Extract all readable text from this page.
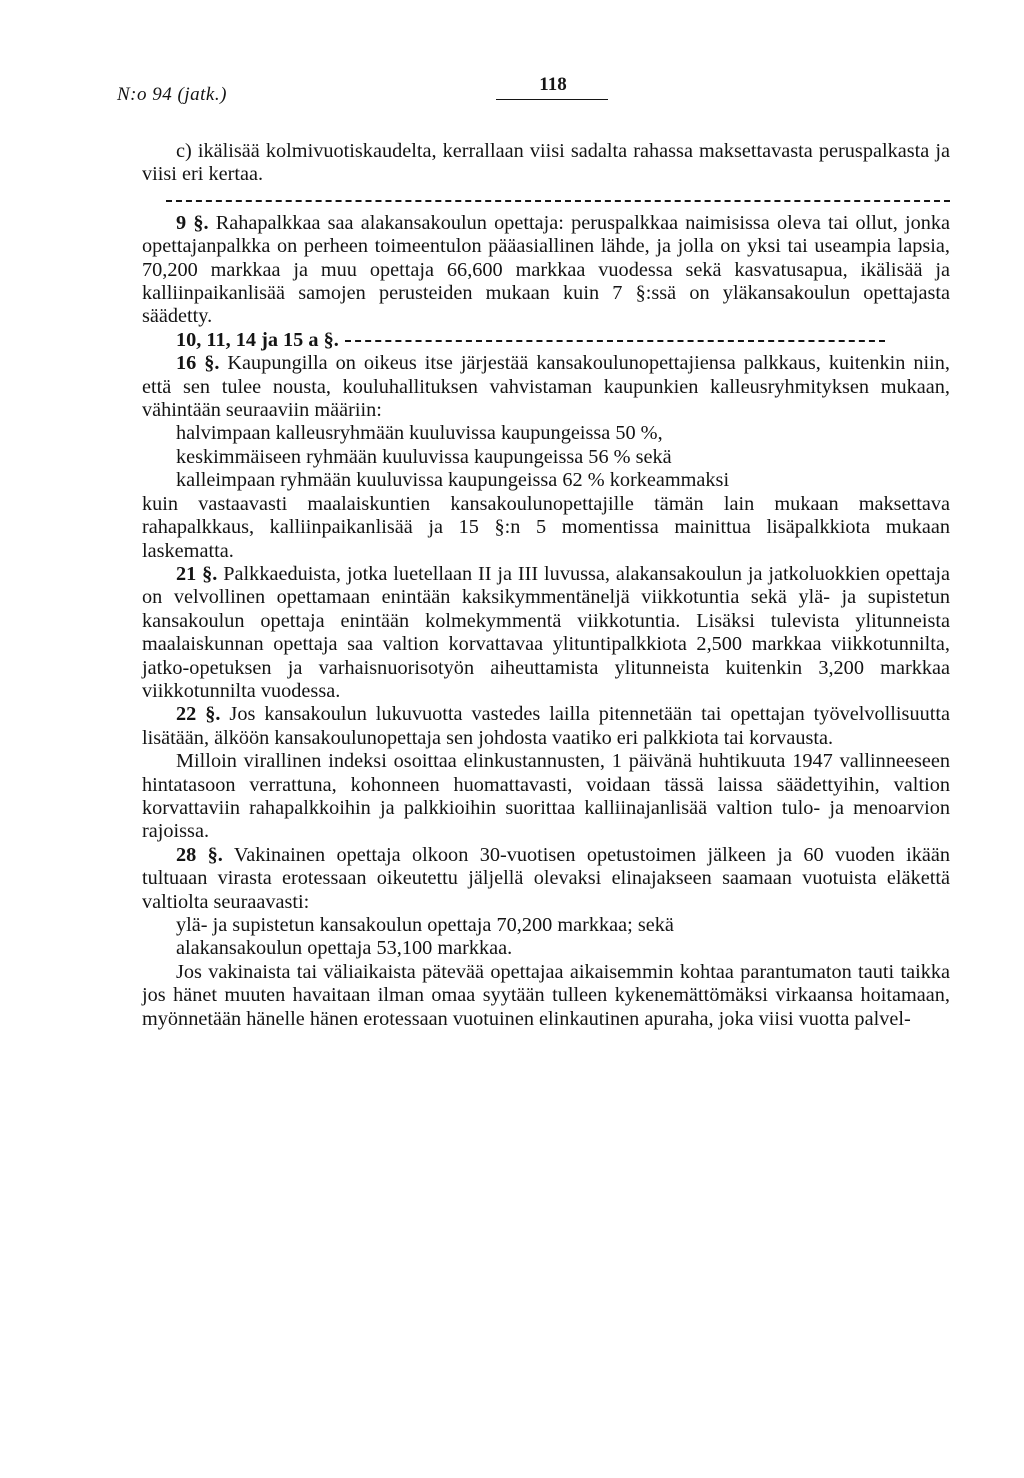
N:o 94 (jatk.)	118

c) ikälisää kolmivuotiskaudelta, kerrallaan viisi sadalta rahassa maksettavasta peruspalkasta ja viisi eri kertaa.

9 §. Rahapalkkaa saa alakansakoulun opettaja: peruspalkkaa naimisissa oleva tai ollut, jonka opettajanpalkka on perheen toimeentulon pääasiallinen lähde, ja jolla on yksi tai useampia lapsia, 70,200 markkaa ja muu opettaja 66,600 markkaa vuodessa sekä kasvatusapua, ikälisää ja kalliinpaikanlisää samojen perusteiden mukaan kuin 7 §:ssä on yläkansakoulun opettajasta säädetty.

10, 11, 14 ja 15 a §.

16 §. Kaupungilla on oikeus itse järjestää kansakoulunopettajiensa palkkaus, kuitenkin niin, että sen tulee nousta, kouluhallituksen vahvistaman kaupunkien kalleusryhmityksen mukaan, vähintään seuraaviin määriin:

halvimpaan kalleusryhmään kuuluvissa kaupungeissa 50 %,

keskimmäiseen ryhmään kuuluvissa kaupungeissa 56 % sekä

kalleimpaan ryhmään kuuluvissa kaupungeissa 62 % korkeammaksi

kuin vastaavasti maalaiskuntien kansakoulunopettajille tämän lain mukaan maksettava rahapalkkaus, kalliinpaikanlisää ja 15 §:n 5 momentissa mainittua lisäpalkkiota mukaan laskematta.

21 §. Palkkaeduista, jotka luetellaan II ja III luvussa, alakansakoulun ja jatkoluokkien opettaja on velvollinen opettamaan enintään kaksikymmentäneljä viikkotuntia sekä ylä- ja supistetun kansakoulun opettaja enintään kolmekymmentä viikkotuntia. Lisäksi tulevista ylitunneista maalaiskunnan opettaja saa valtion korvattavaa ylituntipalkkiota 2,500 markkaa viikkotunnilta, jatko-opetuksen ja varhaisnuorisotyön aiheuttamista ylitunneista kuitenkin 3,200 markkaa viikkotunnilta vuodessa.

22 §. Jos kansakoulun lukuvuotta vastedes lailla pitennetään tai opettajan työvelvollisuutta lisätään, älköön kansakoulunopettaja sen johdosta vaatiko eri palkkiota tai korvausta.

Milloin virallinen indeksi osoittaa elinkustannusten, 1 päivänä huhtikuuta 1947 vallinneeseen hintatasoon verrattuna, kohonneen huomattavasti, voidaan tässä laissa säädettyihin, valtion korvattaviin rahapalkkoihin ja palkkioihin suorittaa kalliinajanlisää valtion tulo- ja menoarvion rajoissa.

28 §. Vakinainen opettaja olkoon 30-vuotisen opetustoimen jälkeen ja 60 vuoden ikään tultuaan virasta erotessaan oikeutettu jäljellä olevaksi elinajakseen saamaan vuotuista eläkettä valtiolta seuraavasti:

ylä- ja supistetun kansakoulun opettaja 70,200 markkaa; sekä

alakansakoulun opettaja 53,100 markkaa.

Jos vakinaista tai väliaikaista pätevää opettajaa aikaisemmin kohtaa parantumaton tauti taikka jos hänet muuten havaitaan ilman omaa syytään tulleen kykenemättömäksi virkaansa hoitamaan, myönnetään hänelle hänen erotessaan vuotuinen elinkautinen apuraha, joka viisi vuotta palvel-
